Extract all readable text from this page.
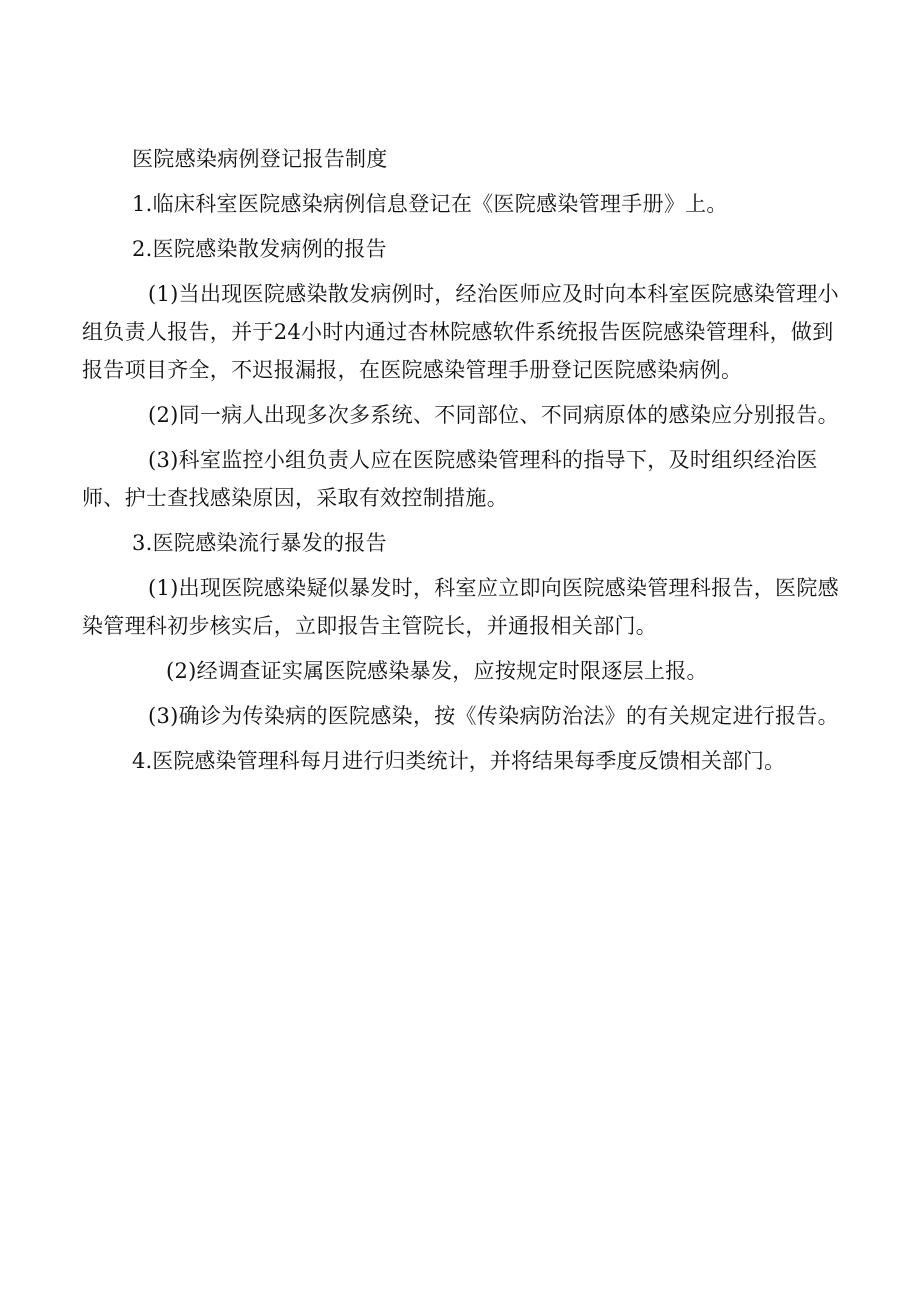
医院感染病例登记报告制度

1.临床科室医院感染病例信息登记在《医院感染管理手册》上。

2.医院感染散发病例的报告

(1)当出现医院感染散发病例时，经治医师应及时向本科室医院感染管理小组负责人报告，并于24小时内通过杏林院感软件系统报告医院感染管理科，做到报告项目齐全，不迟报漏报，在医院感染管理手册登记医院感染病例。

(2)同一病人出现多次多系统、不同部位、不同病原体的感染应分别报告。

(3)科室监控小组负责人应在医院感染管理科的指导下，及时组织经治医师、护士查找感染原因，采取有效控制措施。

3.医院感染流行暴发的报告

(1)出现医院感染疑似暴发时，科室应立即向医院感染管理科报告，医院感染管理科初步核实后，立即报告主管院长，并通报相关部门。

(2)经调查证实属医院感染暴发，应按规定时限逐层上报。

(3)确诊为传染病的医院感染，按《传染病防治法》的有关规定进行报告。

4.医院感染管理科每月进行归类统计，并将结果每季度反馈相关部门。
